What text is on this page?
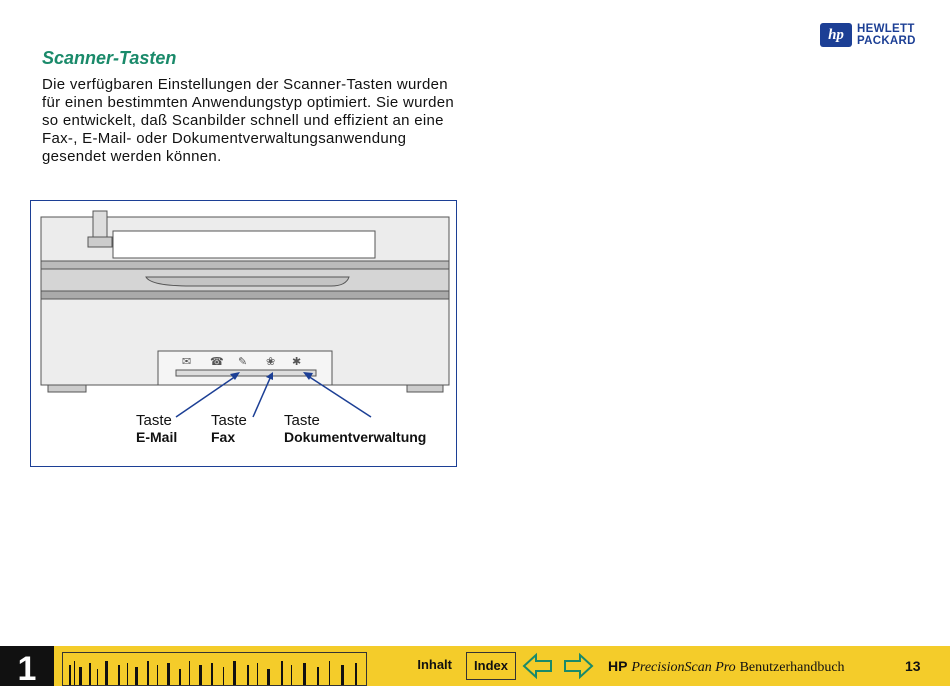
hp	HEWLETT
PACKARD
Scanner-Tasten

Die verfügbaren Einstellungen der Scanner-Tasten wurden für einen bestimmten Anwendungstyp optimiert. Sie wurden so entwickelt, daß Scanbilder schnell und effizient an eine Fax-, E-Mail- oder Dokumentverwaltungsanwendung gesendet werden können.

✉ ☎ ✎ ❀ ✱
Taste
E-Mail
Taste
Fax
Taste
Dokumentverwaltung
1	Inhalt	Index	HP PrecisionScan Pro Benutzerhandbuch	13
